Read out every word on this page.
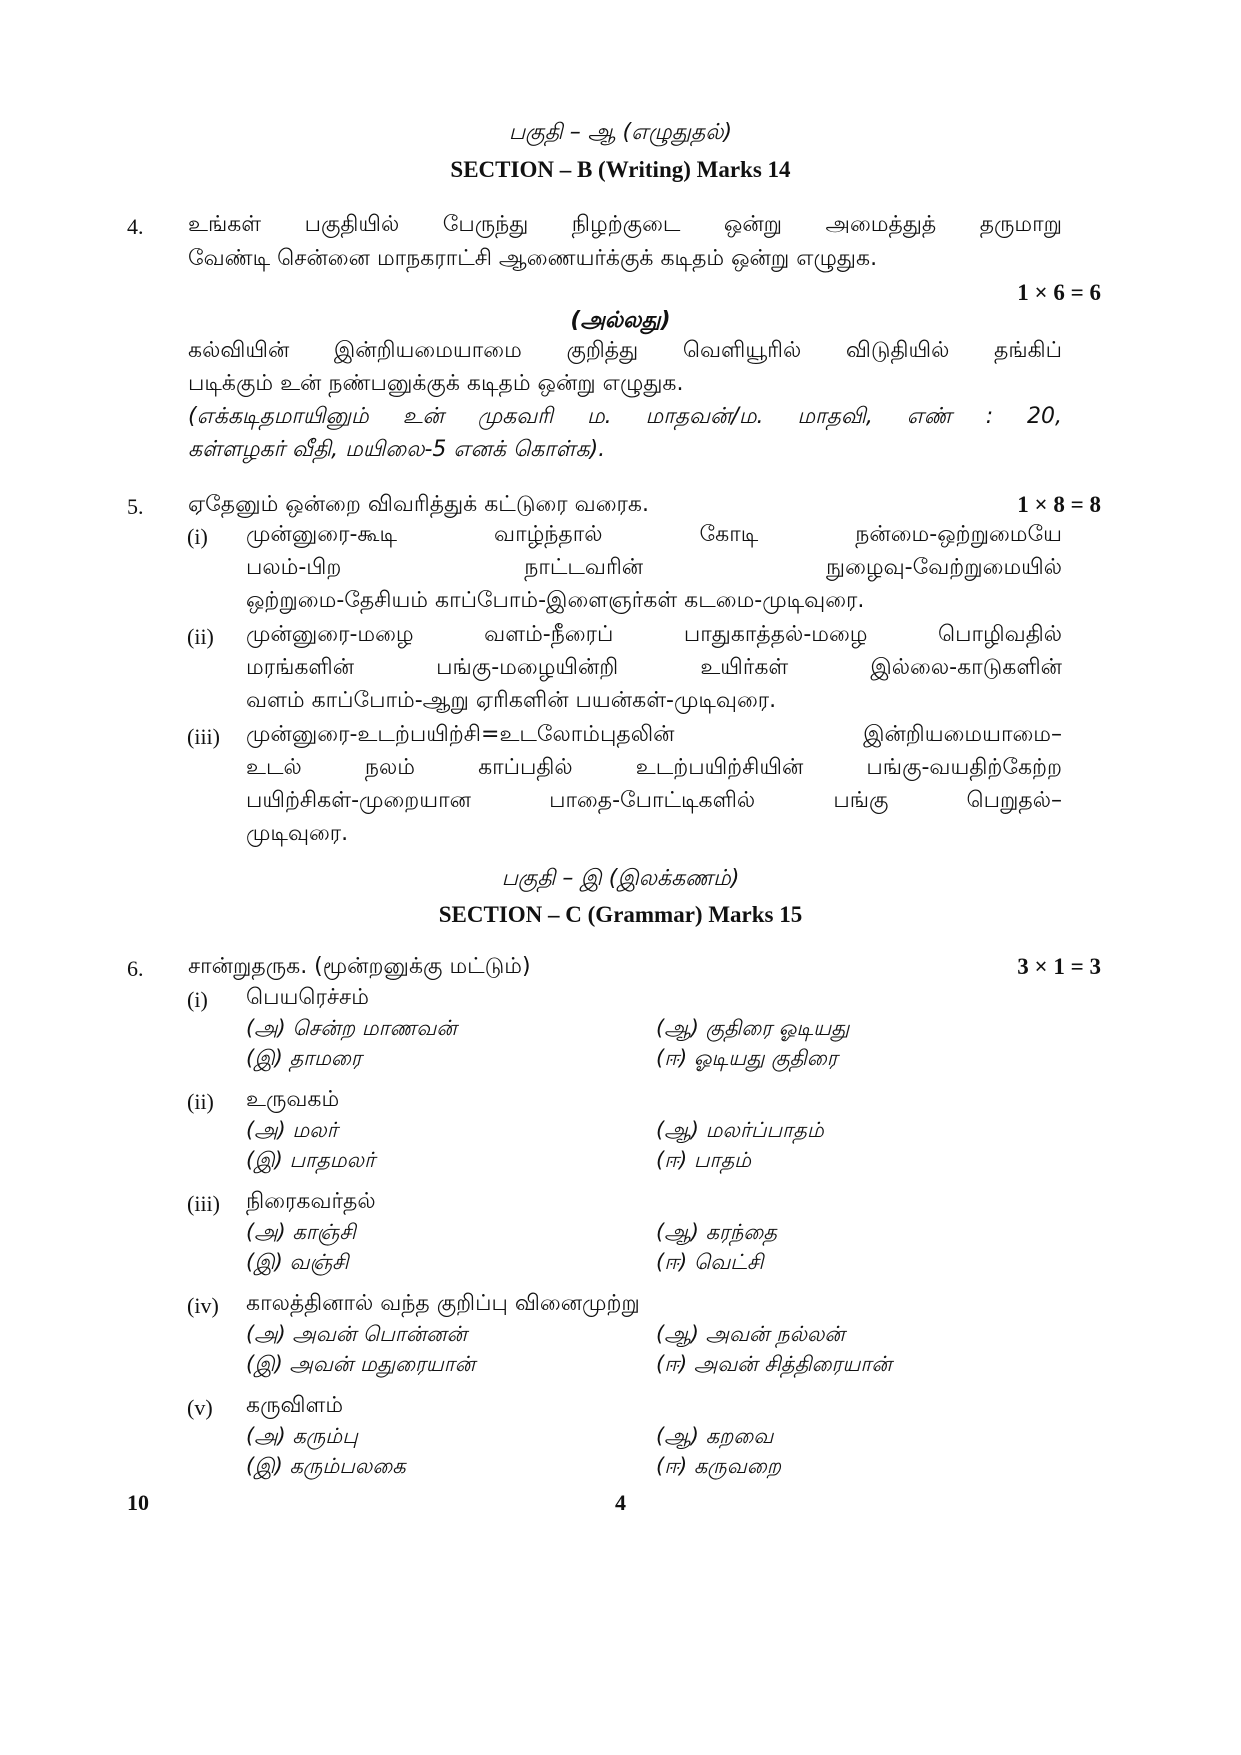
பகுதி – ஆ (எழுதுதல்)
SECTION – B (Writing) Marks 14
4. உங்கள் பகுதியில் பேருந்து நிழற்குடை ஒன்று அமைத்துத் தருமாறு
வேண்டி சென்னை மாநகராட்சி ஆணையர்க்குக் கடிதம் ஒன்று எழுதுக.
1 × 6 = 6
(அல்லது)
கல்வியின் இன்றியமையாமை குறித்து வெளியூரில் விடுதியில் தங்கிப்
படிக்கும் உன் நண்பனுக்குக் கடிதம் ஒன்று எழுதுக.
(எக்கடிதமாயினும் உன் முகவரி ம. மாதவன்/ம. மாதவி, எண் : 20,
கள்ளழகர் வீதி, மயிலை-5 எனக் கொள்க).
5. ஏதேனும் ஒன்றை விவரித்துக் கட்டுரை வரைக.	1 × 8 = 8
(i) முன்னுரை-கூடி வாழ்ந்தால் கோடி நன்மை-ஒற்றுமையே
பலம்-பிற நாட்டவரின் நுழைவு-வேற்றுமையில்
ஒற்றுமை-தேசியம் காப்போம்-இளைஞர்கள் கடமை-முடிவுரை.
(ii) முன்னுரை-மழை வளம்-நீரைப் பாதுகாத்தல்-மழை பொழிவதில்
மரங்களின் பங்கு-மழையின்றி உயிர்கள் இல்லை-காடுகளின்
வளம் காப்போம்-ஆறு ஏரிகளின் பயன்கள்-முடிவுரை.
(iii) முன்னுரை-உடற்பயிற்சி=உடலோம்புதலின் இன்றியமையாமை–
உடல் நலம் காப்பதில் உடற்பயிற்சியின் பங்கு-வயதிற்கேற்ற
பயிற்சிகள்-முறையான பாதை-போட்டிகளில் பங்கு பெறுதல்–
முடிவுரை.
பகுதி – இ (இலக்கணம்)
SECTION – C (Grammar) Marks 15
6. சான்றுதருக. (மூன்றனுக்கு மட்டும்)	3 × 1 = 3
(i) பெயரெச்சம்
(அ) சென்ற மாணவன்	(ஆ) குதிரை ஓடியது
(இ) தாமரை	(ஈ) ஓடியது குதிரை
(ii) உருவகம்
(அ) மலர்	(ஆ) மலர்ப்பாதம்
(இ) பாதமலர்	(ஈ) பாதம்
(iii) நிரைகவர்தல்
(அ) காஞ்சி	(ஆ) கரந்தை
(இ) வஞ்சி	(ஈ) வெட்சி
(iv) காலத்தினால் வந்த குறிப்பு வினைமுற்று
(அ) அவன் பொன்னன்	(ஆ) அவன் நல்லன்
(இ) அவன் மதுரையான்	(ஈ) அவன் சித்திரையான்
(v) கருவிளம்
(அ) கரும்பு	(ஆ) கறவை
(இ) கரும்பலகை	(ஈ) கருவறை
10	4
